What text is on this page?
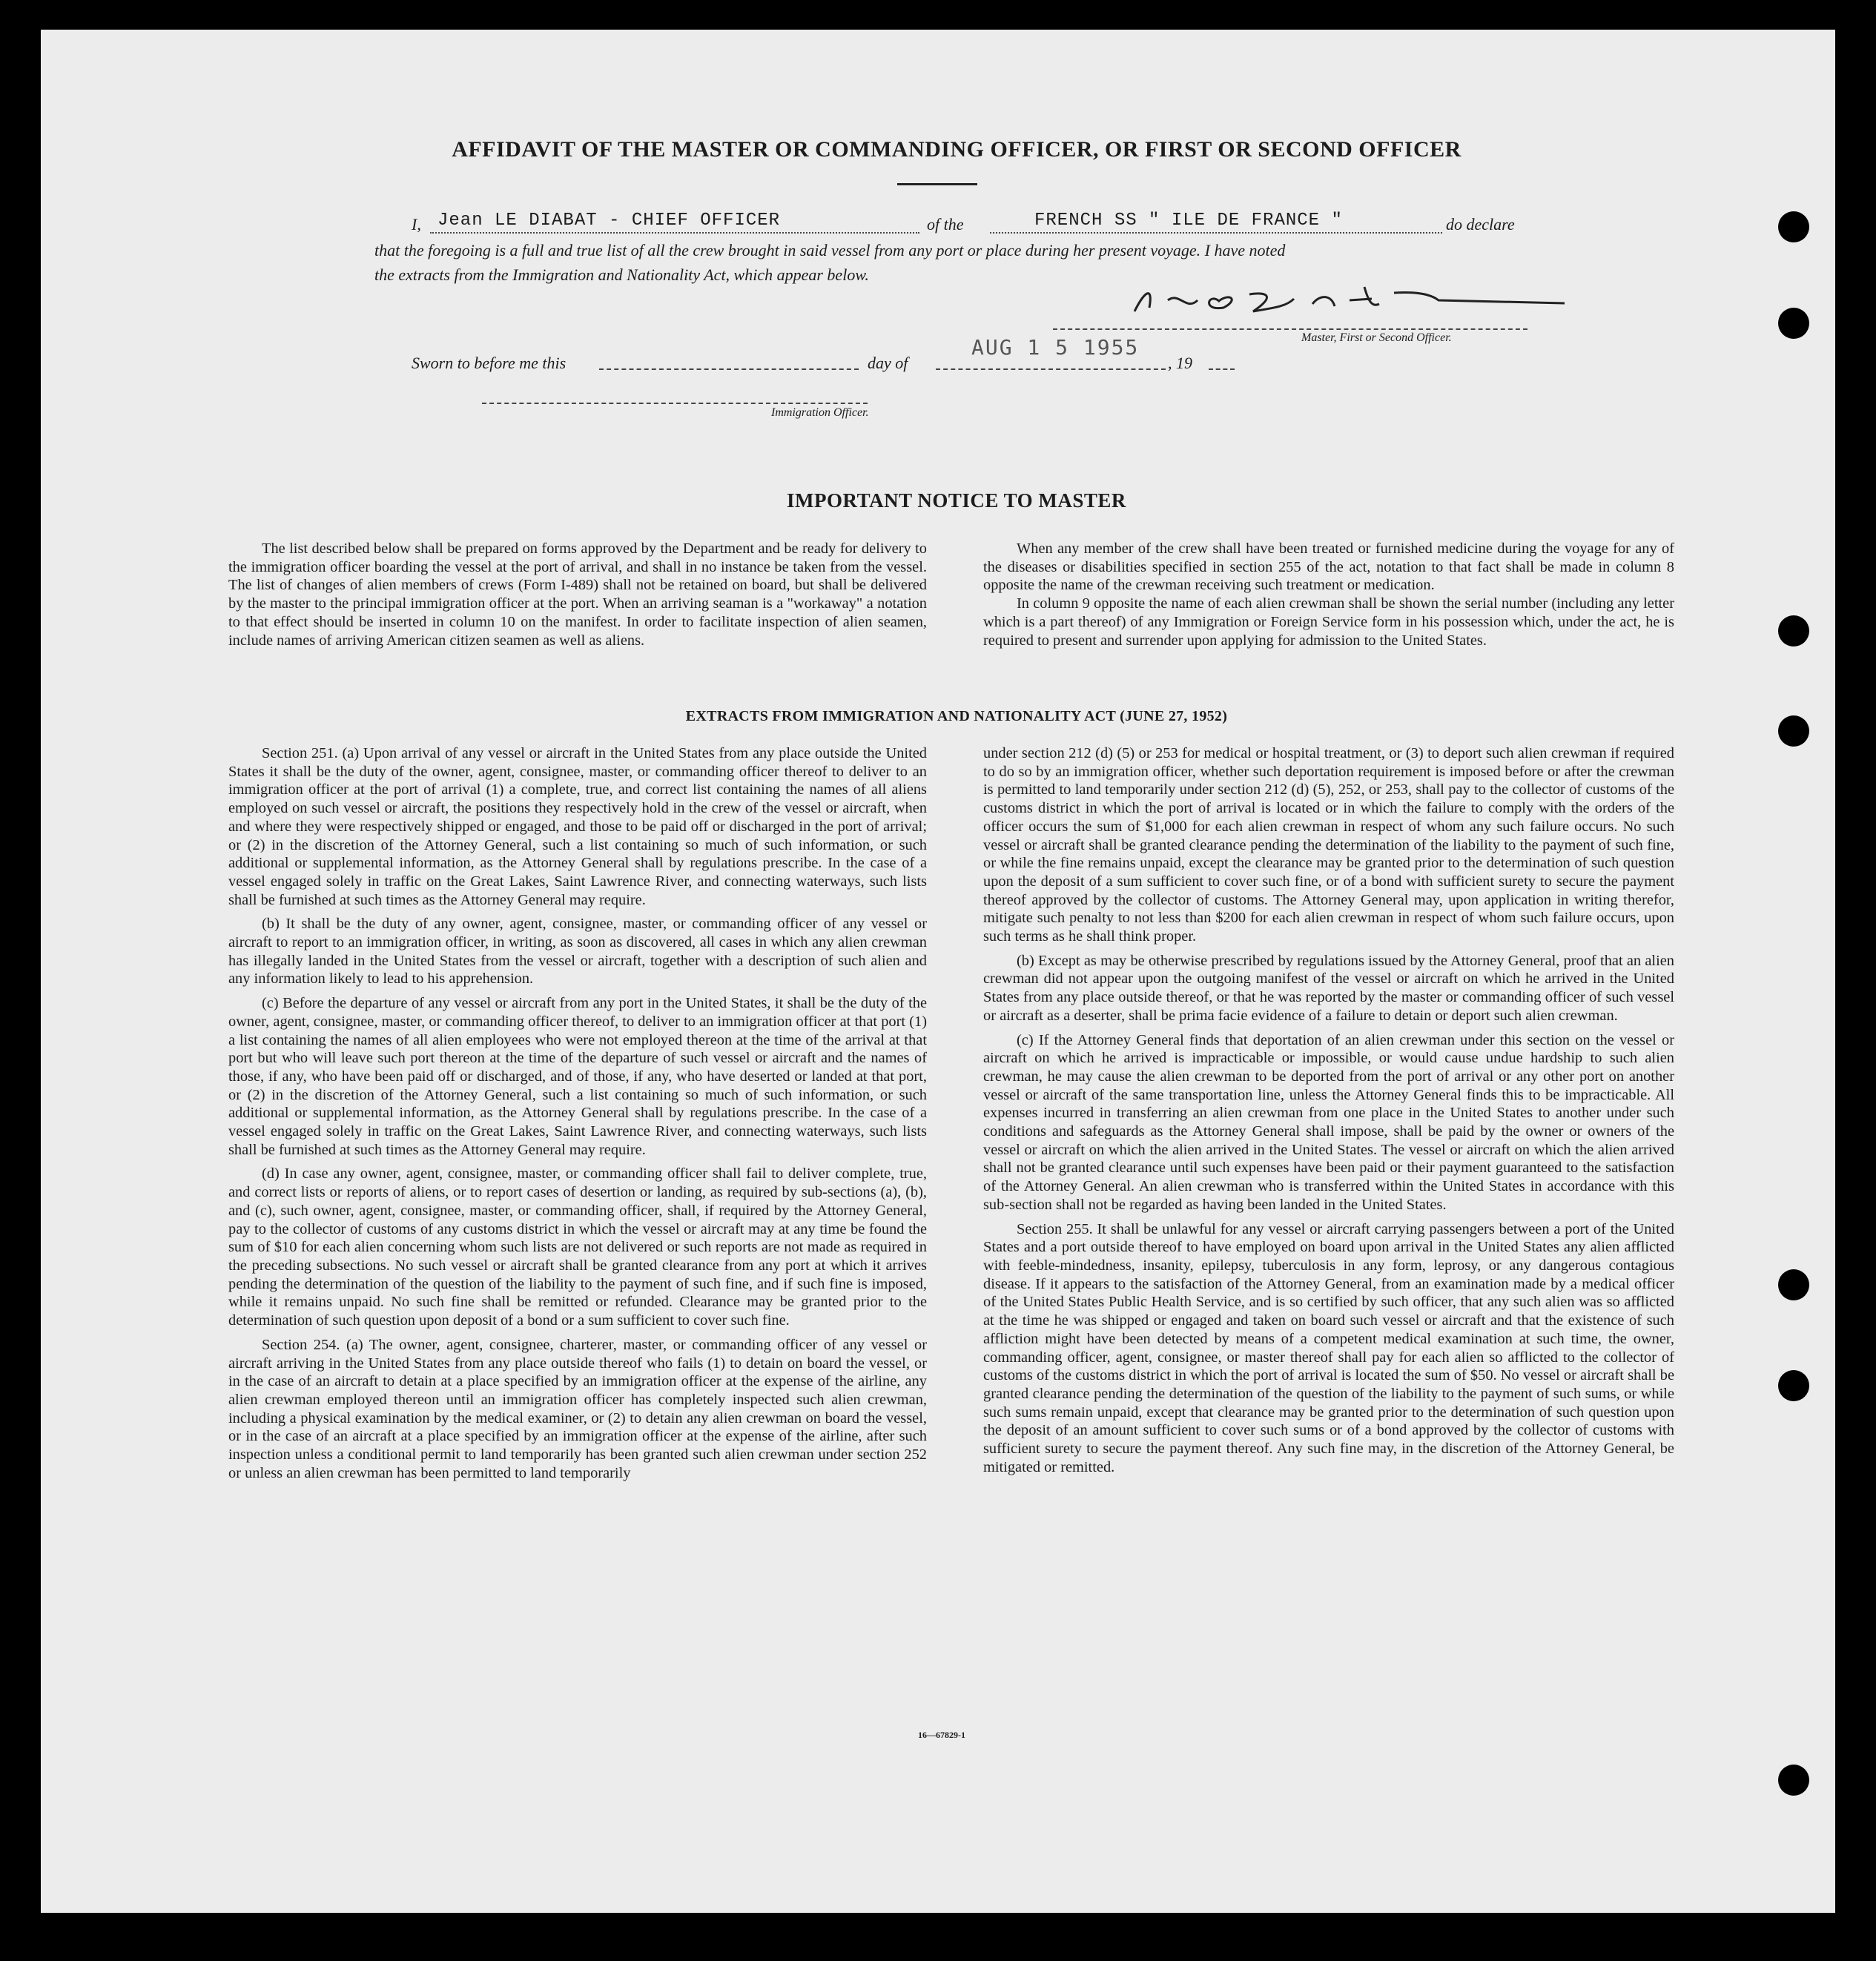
AFFIDAVIT OF THE MASTER OR COMMANDING OFFICER, OR FIRST OR SECOND OFFICER
I, Jean LE DIABAT - CHIEF OFFICER	of the	FRENCH SS " ILE DE FRANCE "	do declare
that the foregoing is a full and true list of all the crew brought in said vessel from any port or place during her present voyage. I have noted
the extracts from the Immigration and Nationality Act, which appear below.
Master, First or Second Officer.
Sworn to before me this	day of
AUG 1 5 1955
, 19
Immigration Officer.
IMPORTANT NOTICE TO MASTER

The list described below shall be prepared on forms approved by the Department and be ready for delivery to the immigration officer boarding the vessel at the port of arrival, and shall in no instance be taken from the vessel. The list of changes of alien members of crews (Form I-489) shall not be retained on board, but shall be delivered by the master to the principal immigration officer at the port. When an arriving seaman is a "workaway" a notation to that effect should be inserted in column 10 on the manifest. In order to facilitate inspection of alien seamen, include names of arriving American citizen seamen as well as aliens.

When any member of the crew shall have been treated or furnished medicine during the voyage for any of the diseases or disabilities specified in section 255 of the act, notation to that fact shall be made in column 8 opposite the name of the crewman receiving such treatment or medication.

In column 9 opposite the name of each alien crewman shall be shown the serial number (including any letter which is a part thereof) of any Immigration or Foreign Service form in his possession which, under the act, he is required to present and surrender upon applying for admission to the United States.

EXTRACTS FROM IMMIGRATION AND NATIONALITY ACT (JUNE 27, 1952)

Section 251. (a) Upon arrival of any vessel or aircraft in the United States from any place outside the United States it shall be the duty of the owner, agent, consignee, master, or commanding officer thereof to deliver to an immigration officer at the port of arrival (1) a complete, true, and correct list containing the names of all aliens employed on such vessel or aircraft, the positions they respectively hold in the crew of the vessel or aircraft, when and where they were respectively shipped or engaged, and those to be paid off or discharged in the port of arrival; or (2) in the discretion of the Attorney General, such a list containing so much of such information, or such additional or supplemental information, as the Attorney General shall by regulations prescribe. In the case of a vessel engaged solely in traffic on the Great Lakes, Saint Lawrence River, and connecting waterways, such lists shall be furnished at such times as the Attorney General may require.

(b) It shall be the duty of any owner, agent, consignee, master, or commanding officer of any vessel or aircraft to report to an immigration officer, in writing, as soon as discovered, all cases in which any alien crewman has illegally landed in the United States from the vessel or aircraft, together with a description of such alien and any information likely to lead to his apprehension.

(c) Before the departure of any vessel or aircraft from any port in the United States, it shall be the duty of the owner, agent, consignee, master, or commanding officer thereof, to deliver to an immigration officer at that port (1) a list containing the names of all alien employees who were not employed thereon at the time of the arrival at that port but who will leave such port thereon at the time of the departure of such vessel or aircraft and the names of those, if any, who have been paid off or discharged, and of those, if any, who have deserted or landed at that port, or (2) in the discretion of the Attorney General, such a list containing so much of such information, or such additional or supplemental information, as the Attorney General shall by regulations prescribe. In the case of a vessel engaged solely in traffic on the Great Lakes, Saint Lawrence River, and connecting waterways, such lists shall be furnished at such times as the Attorney General may require.

(d) In case any owner, agent, consignee, master, or commanding officer shall fail to deliver complete, true, and correct lists or reports of aliens, or to report cases of desertion or landing, as required by sub-sections (a), (b), and (c), such owner, agent, consignee, master, or commanding officer, shall, if required by the Attorney General, pay to the collector of customs of any customs district in which the vessel or aircraft may at any time be found the sum of $10 for each alien concerning whom such lists are not delivered or such reports are not made as required in the preceding subsections. No such vessel or aircraft shall be granted clearance from any port at which it arrives pending the determination of the question of the liability to the payment of such fine, and if such fine is imposed, while it remains unpaid. No such fine shall be remitted or refunded. Clearance may be granted prior to the determination of such question upon deposit of a bond or a sum sufficient to cover such fine.

Section 254. (a) The owner, agent, consignee, charterer, master, or commanding officer of any vessel or aircraft arriving in the United States from any place outside thereof who fails (1) to detain on board the vessel, or in the case of an aircraft to detain at a place specified by an immigration officer at the expense of the airline, any alien crewman employed thereon until an immigration officer has completely inspected such alien crewman, including a physical examination by the medical examiner, or (2) to detain any alien crewman on board the vessel, or in the case of an aircraft at a place specified by an immigration officer at the expense of the airline, after such inspection unless a conditional permit to land temporarily has been granted such alien crewman under section 252 or unless an alien crewman has been permitted to land temporarily

under section 212 (d) (5) or 253 for medical or hospital treatment, or (3) to deport such alien crewman if required to do so by an immigration officer, whether such deportation requirement is imposed before or after the crewman is permitted to land temporarily under section 212 (d) (5), 252, or 253, shall pay to the collector of customs of the customs district in which the port of arrival is located or in which the failure to comply with the orders of the officer occurs the sum of $1,000 for each alien crewman in respect of whom any such failure occurs. No such vessel or aircraft shall be granted clearance pending the determination of the liability to the payment of such fine, or while the fine remains unpaid, except the clearance may be granted prior to the determination of such question upon the deposit of a sum sufficient to cover such fine, or of a bond with sufficient surety to secure the payment thereof approved by the collector of customs. The Attorney General may, upon application in writing therefor, mitigate such penalty to not less than $200 for each alien crewman in respect of whom such failure occurs, upon such terms as he shall think proper.

(b) Except as may be otherwise prescribed by regulations issued by the Attorney General, proof that an alien crewman did not appear upon the outgoing manifest of the vessel or aircraft on which he arrived in the United States from any place outside thereof, or that he was reported by the master or commanding officer of such vessel or aircraft as a deserter, shall be prima facie evidence of a failure to detain or deport such alien crewman.

(c) If the Attorney General finds that deportation of an alien crewman under this section on the vessel or aircraft on which he arrived is impracticable or impossible, or would cause undue hardship to such alien crewman, he may cause the alien crewman to be deported from the port of arrival or any other port on another vessel or aircraft of the same transportation line, unless the Attorney General finds this to be impracticable. All expenses incurred in transferring an alien crewman from one place in the United States to another under such conditions and safeguards as the Attorney General shall impose, shall be paid by the owner or owners of the vessel or aircraft on which the alien arrived in the United States. The vessel or aircraft on which the alien arrived shall not be granted clearance until such expenses have been paid or their payment guaranteed to the satisfaction of the Attorney General. An alien crewman who is transferred within the United States in accordance with this sub-section shall not be regarded as having been landed in the United States.

Section 255. It shall be unlawful for any vessel or aircraft carrying passengers between a port of the United States and a port outside thereof to have employed on board upon arrival in the United States any alien afflicted with feeble-mindedness, insanity, epilepsy, tuberculosis in any form, leprosy, or any dangerous contagious disease. If it appears to the satisfaction of the Attorney General, from an examination made by a medical officer of the United States Public Health Service, and is so certified by such officer, that any such alien was so afflicted at the time he was shipped or engaged and taken on board such vessel or aircraft and that the existence of such affliction might have been detected by means of a competent medical examination at such time, the owner, commanding officer, agent, consignee, or master thereof shall pay for each alien so afflicted to the collector of customs of the customs district in which the port of arrival is located the sum of $50. No vessel or aircraft shall be granted clearance pending the determination of the question of the liability to the payment of such sums, or while such sums remain unpaid, except that clearance may be granted prior to the determination of such question upon the deposit of an amount sufficient to cover such sums or of a bond approved by the collector of customs with sufficient surety to secure the payment thereof. Any such fine may, in the discretion of the Attorney General, be mitigated or remitted.

16—67829-1
